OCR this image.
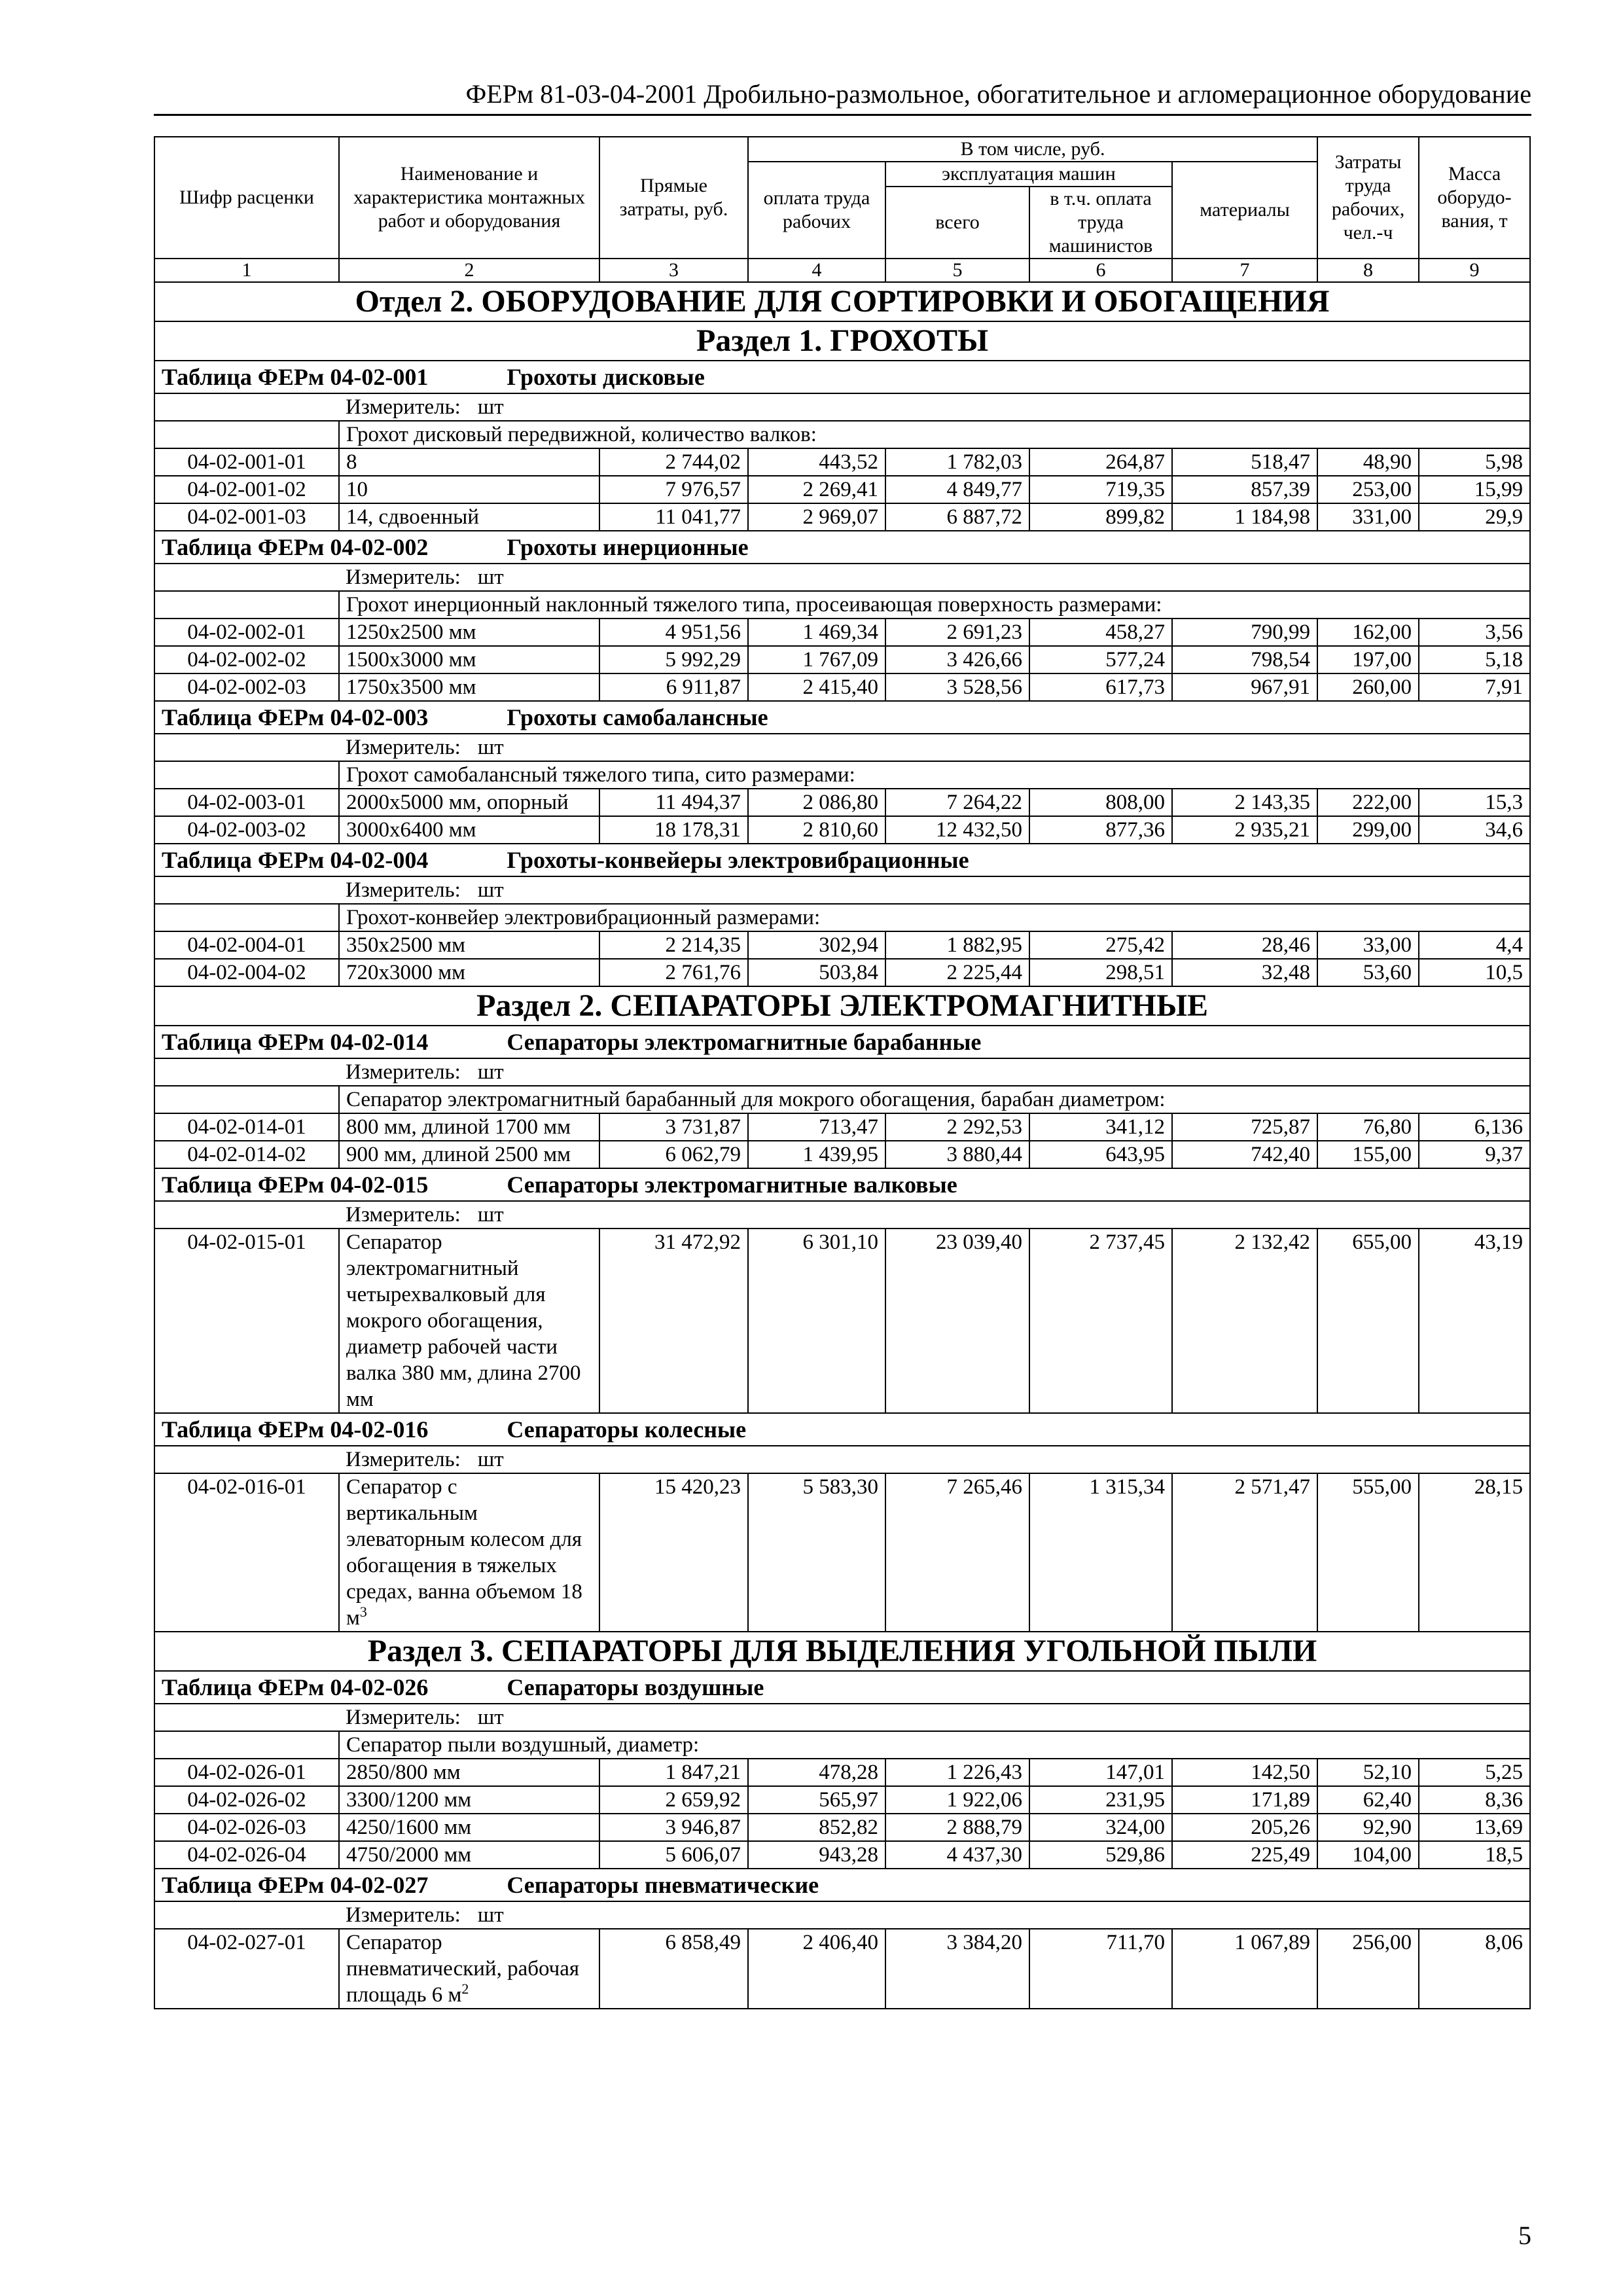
ФЕРм 81-03-04-2001 Дробильно-размольное, обогатительное и агломерационное оборудование
Шифр расценки	Наименование и характеристика монтажных работ и оборудования	Прямые затраты, руб.	В том числе, руб.				Затраты труда рабочих, чел.-ч	Масса оборудо-вания, т
			оплата труда рабочих	эксплуатация машин		материалы		
				всего	в т.ч. оплата труда машинистов			
1	2	3	4	5	6	7	8	9
Отдел 2. ОБОРУДОВАНИЕ ДЛЯ СОРТИРОВКИ И ОБОГАЩЕНИЯ								
Раздел 1. ГРОХОТЫ								
Таблица ФЕРм 04-02-001 Грохоты дисковые								
	Измеритель: шт							
	Грохот дисковый передвижной, количество валков:							
04-02-001-01	8	2 744,02	443,52	1 782,03	264,87	518,47	48,90	5,98
04-02-001-02	10	7 976,57	2 269,41	4 849,77	719,35	857,39	253,00	15,99
04-02-001-03	14, сдвоенный	11 041,77	2 969,07	6 887,72	899,82	1 184,98	331,00	29,9
Таблица ФЕРм 04-02-002 Грохоты инерционные								
	Измеритель: шт							
	Грохот инерционный наклонный тяжелого типа, просеивающая поверхность размерами:							
04-02-002-01	1250x2500 мм	4 951,56	1 469,34	2 691,23	458,27	790,99	162,00	3,56
04-02-002-02	1500x3000 мм	5 992,29	1 767,09	3 426,66	577,24	798,54	197,00	5,18
04-02-002-03	1750x3500 мм	6 911,87	2 415,40	3 528,56	617,73	967,91	260,00	7,91
Таблица ФЕРм 04-02-003 Грохоты самобалансные								
	Измеритель: шт							
	Грохот самобалансный тяжелого типа, сито размерами:							
04-02-003-01	2000x5000 мм, опорный	11 494,37	2 086,80	7 264,22	808,00	2 143,35	222,00	15,3
04-02-003-02	3000x6400 мм	18 178,31	2 810,60	12 432,50	877,36	2 935,21	299,00	34,6
Таблица ФЕРм 04-02-004 Грохоты-конвейеры электровибрационные								
	Измеритель: шт							
	Грохот-конвейер электровибрационный размерами:							
04-02-004-01	350x2500 мм	2 214,35	302,94	1 882,95	275,42	28,46	33,00	4,4
04-02-004-02	720x3000 мм	2 761,76	503,84	2 225,44	298,51	32,48	53,60	10,5
Раздел 2. СЕПАРАТОРЫ ЭЛЕКТРОМАГНИТНЫЕ								
Таблица ФЕРм 04-02-014 Сепараторы электромагнитные барабанные								
	Измеритель: шт							
	Сепаратор электромагнитный барабанный для мокрого обогащения, барабан диаметром:							
04-02-014-01	800 мм, длиной 1700 мм	3 731,87	713,47	2 292,53	341,12	725,87	76,80	6,136
04-02-014-02	900 мм, длиной 2500 мм	6 062,79	1 439,95	3 880,44	643,95	742,40	155,00	9,37
Таблица ФЕРм 04-02-015 Сепараторы электромагнитные валковые								
	Измеритель: шт							
04-02-015-01	Сепаратор электромагнитный четырехвалковый для мокрого обогащения, диаметр рабочей части валка 380 мм, длина 2700 мм	31 472,92	6 301,10	23 039,40	2 737,45	2 132,42	655,00	43,19
Таблица ФЕРм 04-02-016 Сепараторы колесные								
	Измеритель: шт							
04-02-016-01	Сепаратор с вертикальным элеваторным колесом для обогащения в тяжелых средах, ванна объемом 18 $м^3$	15 420,23	5 583,30	7 265,46	1 315,34	2 571,47	555,00	28,15
Раздел 3. СЕПАРАТОРЫ ДЛЯ ВЫДЕЛЕНИЯ УГОЛЬНОЙ ПЫЛИ								
Таблица ФЕРм 04-02-026 Сепараторы воздушные								
	Измеритель: шт							
	Сепаратор пыли воздушный, диаметр:							
04-02-026-01	2850/800 мм	1 847,21	478,28	1 226,43	147,01	142,50	52,10	5,25
04-02-026-02	3300/1200 мм	2 659,92	565,97	1 922,06	231,95	171,89	62,40	8,36
04-02-026-03	4250/1600 мм	3 946,87	852,82	2 888,79	324,00	205,26	92,90	13,69
04-02-026-04	4750/2000 мм	5 606,07	943,28	4 437,30	529,86	225,49	104,00	18,5
Таблица ФЕРм 04-02-027 Сепараторы пневматические								
	Измеритель: шт							
04-02-027-01	Сепаратор пневматический, рабочая площадь 6 $м^2$	6 858,49	2 406,40	3 384,20	711,70	1 067,89	256,00	8,06
5
